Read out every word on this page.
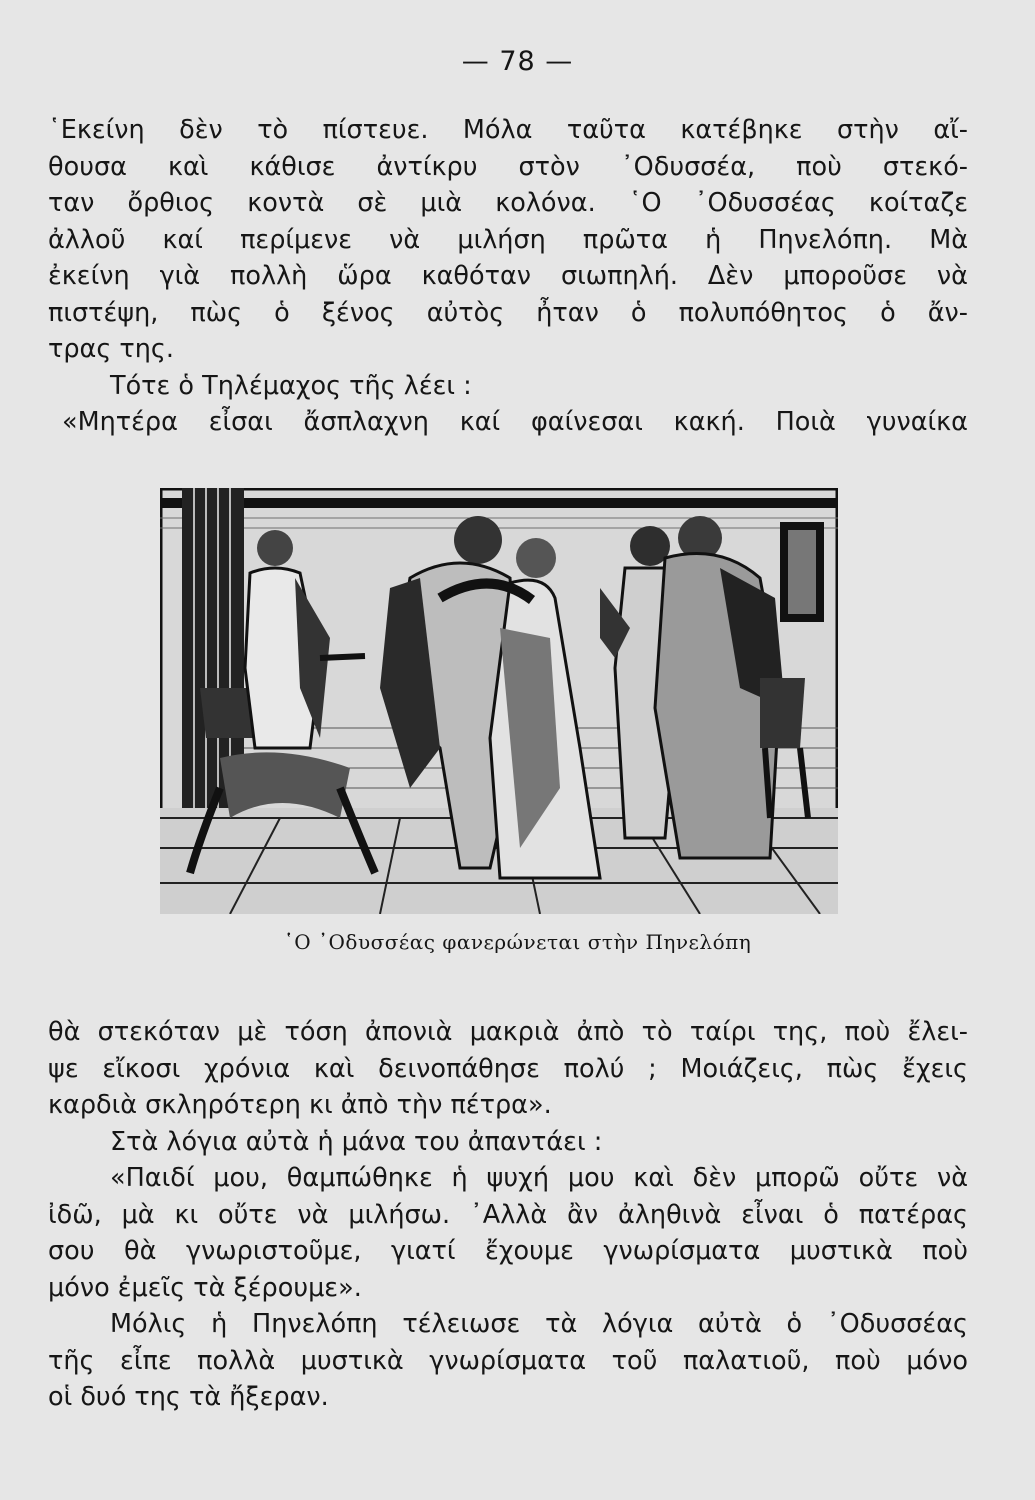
— 78 —
῾Εκείνη δὲν τὸ πίστευε. Μόλα ταῦτα κατέβηκε στὴν αἴ-
θουσα καὶ κάθισε ἀντίκρυ στὸν ᾿Οδυσσέα, ποὺ στεκό-
ταν ὄρθιος κοντὰ σὲ μιὰ κολόνα. ῾Ο ᾿Οδυσσέας κοίταζε
ἀλλοῦ καί περίμενε νὰ μιλήση πρῶτα ἡ Πηνελόπη. Μὰ
ἐκείνη γιὰ πολλὴ ὥρα καθόταν σιωπηλή. Δὲν μποροῦσε νὰ
πιστέψη, πὼς ὁ ξένος αὐτὸς ἦταν ὁ πολυπόθητος ὁ ἄν-
τρας της.
Τότε ὁ Τηλέμαχος τῆς λέει :
«Μητέρα εἶσαι ἄσπλαχνη καί φαίνεσαι κακή. Ποιὰ γυναίκα
῾Ο ᾿Οδυσσέας φανερώνεται στὴν Πηνελόπη
θὰ στεκόταν μὲ τόση ἀπονιὰ μακριὰ ἀπὸ τὸ ταίρι της, ποὺ ἔλει-
ψε εἴκοσι χρόνια καὶ δεινοπάθησε πολύ ; Μοιάζεις, πὼς ἔχεις
καρδιὰ σκληρότερη κι ἀπὸ τὴν πέτρα».
Στὰ λόγια αὐτὰ ἡ μάνα του ἀπαντάει :
«Παιδί μου, θαμπώθηκε ἡ ψυχή μου καὶ δὲν μπορῶ οὔτε νὰ
ἰδῶ, μὰ κι οὔτε νὰ μιλήσω. ᾿Αλλὰ ἂν ἀληθινὰ εἶναι ὁ πατέρας
σου θὰ γνωριστοῦμε, γιατί ἔχουμε γνωρίσματα μυστικὰ ποὺ
μόνο ἐμεῖς τὰ ξέρουμε».
Μόλις ἡ Πηνελόπη τέλειωσε τὰ λόγια αὐτὰ ὁ ᾿Οδυσσέας
τῆς εἶπε πολλὰ μυστικὰ γνωρίσματα τοῦ παλατιοῦ, ποὺ μόνο
οἱ δυό της τὰ ἤξεραν.
